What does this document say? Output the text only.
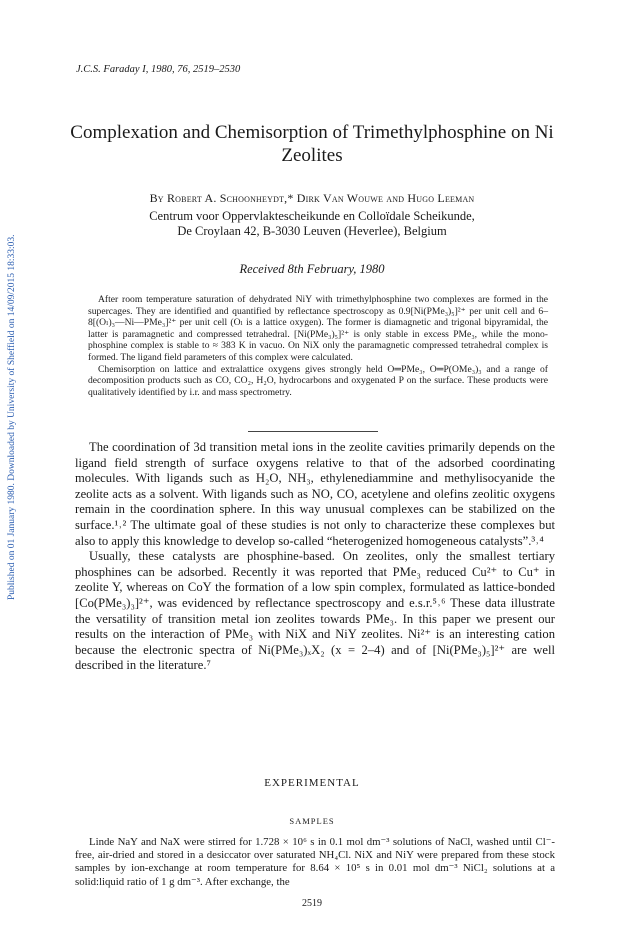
Published on 01 January 1980. Downloaded by University of Sheffield on 14/09/2015 18:33:03.
J.C.S. Faraday I, 1980, 76, 2519–2530
Complexation and Chemisorption of Trimethylphosphine on Ni Zeolites
By Robert A. Schoonheydt,* Dirk Van Wouwe and Hugo Leeman
Centrum voor Oppervlaktescheikunde en Colloïdale Scheikunde,
De Croylaan 42, B-3030 Leuven (Heverlee), Belgium
Received 8th February, 1980

After room temperature saturation of dehydrated NiY with trimethylphosphine two complexes are formed in the supercages. They are identified and quantified by reflectance spectroscopy as 0.9[Ni(PMe₃)₅]²⁺ per unit cell and 6–8[(Oₗ)₃—Ni—PMe₃]²⁺ per unit cell (Oₗ is a lattice oxygen). The former is diamagnetic and trigonal bipyramidal, the latter is paramagnetic and compressed tetrahedral. [Ni(PMe₃)₅]²⁺ is only stable in excess PMe₃, while the mono-phosphine complex is stable to ≈ 383 K in vacuo. On NiX only the paramagnetic compressed tetrahedral complex is formed. The ligand field parameters of this complex were calculated.

Chemisorption on lattice and extralattice oxygens gives strongly held O═PMe₃, O═P(OMe₃)₃ and a range of decomposition products such as CO, CO₂, H₂O, hydrocarbons and oxygenated P on the surface. These products were qualitatively identified by i.r. and mass spectrometry.

The coordination of 3d transition metal ions in the zeolite cavities primarily depends on the ligand field strength of surface oxygens relative to that of the adsorbed coordinating molecules. With ligands such as H₂O, NH₃, ethylenediammine and methylisocyanide the zeolite acts as a solvent. With ligands such as NO, CO, acetylene and olefins zeolitic oxygens remain in the coordination sphere. In this way unusual complexes can be stabilized on the surface.¹˒² The ultimate goal of these studies is not only to characterize these complexes but also to apply this knowledge to develop so-called “heterogenized homogeneous catalysts”.³˒⁴

Usually, these catalysts are phosphine-based. On zeolites, only the smallest tertiary phosphines can be adsorbed. Recently it was reported that PMe₃ reduced Cu²⁺ to Cu⁺ in zeolite Y, whereas on CoY the formation of a low spin complex, formulated as lattice-bonded [Co(PMe₃)₃]²⁺, was evidenced by reflectance spectroscopy and e.s.r.⁵˒⁶ These data illustrate the versatility of transition metal ion zeolites towards PMe₃. In this paper we present our results on the interaction of PMe₃ with NiX and NiY zeolites. Ni²⁺ is an interesting cation because the electronic spectra of Ni(PMe₃)ₓX₂ (x = 2–4) and of [Ni(PMe₃)₅]²⁺ are well described in the literature.⁷

EXPERIMENTAL
SAMPLES

Linde NaY and NaX were stirred for 1.728 × 10⁶ s in 0.1 mol dm⁻³ solutions of NaCl, washed until Cl⁻-free, air-dried and stored in a desiccator over saturated NH₄Cl. NiX and NiY were prepared from these stock samples by ion-exchange at room temperature for 8.64 × 10⁵ s in 0.01 mol dm⁻³ NiCl₂ solutions at a solid:liquid ratio of 1 g dm⁻³. After exchange, the

2519
